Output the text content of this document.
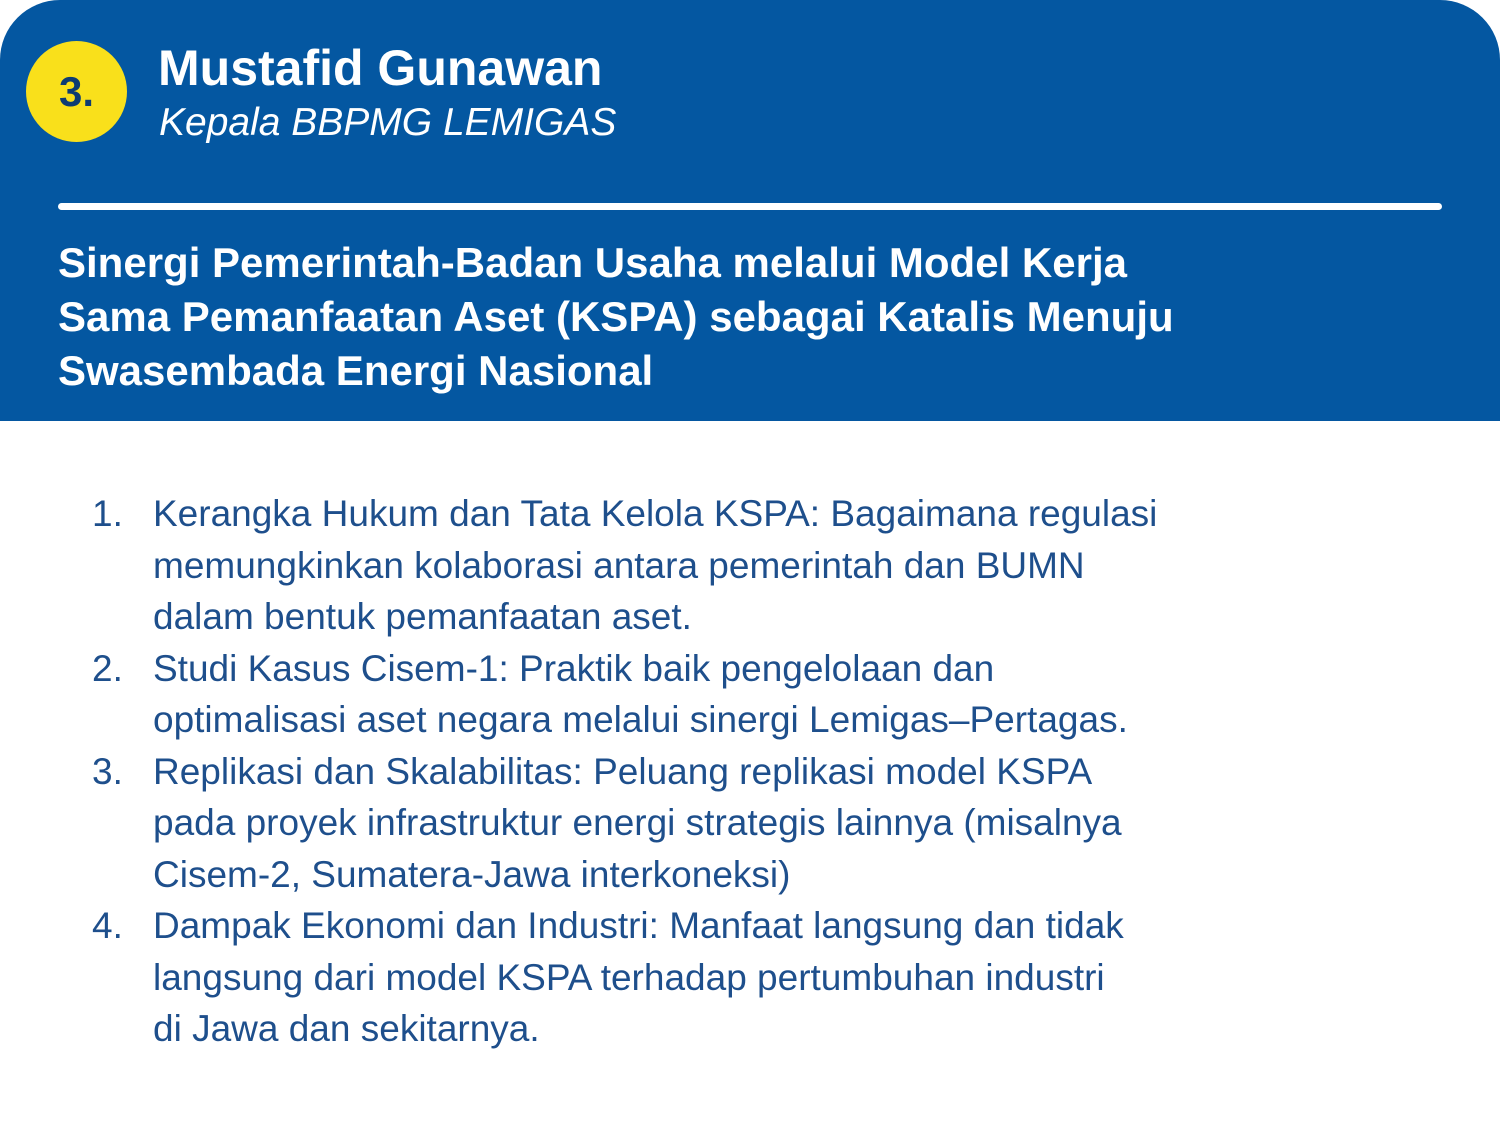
3. Mustafid Gunawan
Kepala BBPMG LEMIGAS
Sinergi Pemerintah-Badan Usaha melalui Model Kerja
Sama Pemanfaatan Aset (KSPA) sebagai Katalis Menuju
Swasembada Energi Nasional
1. Kerangka Hukum dan Tata Kelola KSPA: Bagaimana regulasi
memungkinkan kolaborasi antara pemerintah dan BUMN
dalam bentuk pemanfaatan aset.
2. Studi Kasus Cisem-1: Praktik baik pengelolaan dan
optimalisasi aset negara melalui sinergi Lemigas–Pertagas.
3. Replikasi dan Skalabilitas: Peluang replikasi model KSPA
pada proyek infrastruktur energi strategis lainnya (misalnya
Cisem-2, Sumatera-Jawa interkoneksi)
4. Dampak Ekonomi dan Industri: Manfaat langsung dan tidak
langsung dari model KSPA terhadap pertumbuhan industri
di Jawa dan sekitarnya.
